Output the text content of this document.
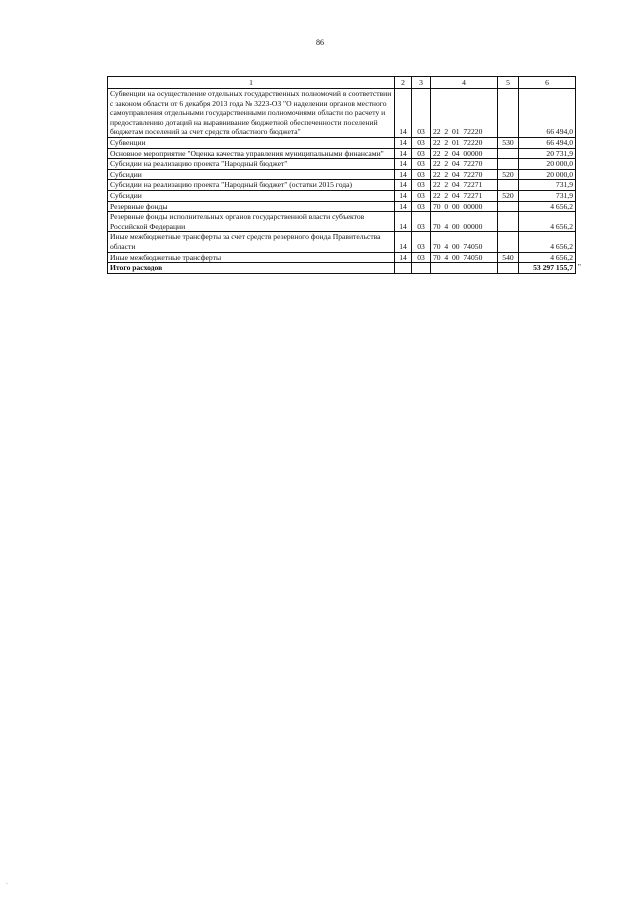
86
1	2	3	4	5	6
Субвенции на осуществление отдельных государственных полномочий в соответствии с законом области от 6 декабря 2013 года № 3223-ОЗ "О наделении органов местного самоуправления отдельными государственными полномочиями области по расчету и предоставлению дотаций на выравнивание бюджетной обеспеченности поселений бюджетам поселений за счет средств областного бюджета"	14	03	22  2  01  72220		66 494,0
Субвенции	14	03	22  2  01  72220	530	66 494,0
Основное мероприятие "Оценка качества управления муниципальными финансами"	14	03	22  2  04  00000		20 731,9
Субсидии на реализацию проекта "Народный бюджет"	14	03	22  2  04  72270		20 000,0
Субсидии	14	03	22  2  04  72270	520	20 000,0
Субсидии на реализацию проекта "Народный бюджет" (остатки 2015 года)	14	03	22  2  04  72271		731,9
Субсидии	14	03	22  2  04  72271	520	731,9
Резервные фонды	14	03	70  0  00  00000		4 656,2
Резервные фонды исполнительных органов государственной власти субъектов Российской Федерации	14	03	70  4  00  00000		4 656,2
Иные межбюджетные трансферты за счет средств резервного фонда Правительства области	14	03	70  4  00  74050		4 656,2
Иные межбюджетные трансферты	14	03	70  4  00  74050	540	4 656,2
Итого расходов					53 297 155,7 "
.
